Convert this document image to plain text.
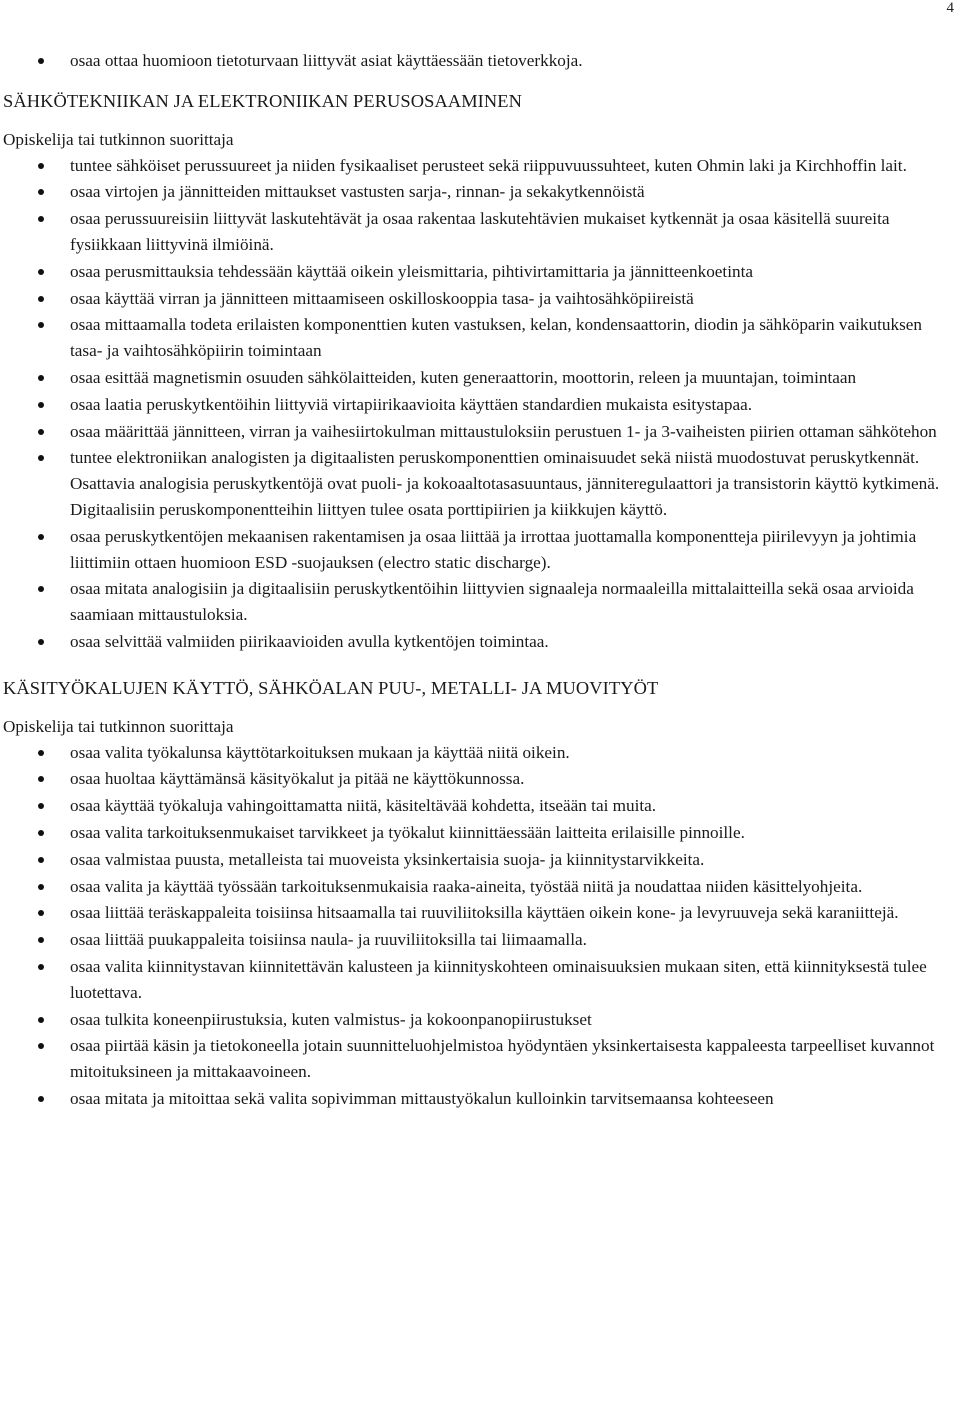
4
osaa ottaa huomioon tietoturvaan liittyvät asiat käyttäessään tietoverkkoja.
SÄHKÖTEKNIIKAN JA ELEKTRONIIKAN PERUSOSAAMINEN
Opiskelija tai tutkinnon suorittaja
tuntee sähköiset perussuureet ja niiden fysikaaliset perusteet sekä riippuvuussuhteet, kuten Ohmin laki ja Kirchhoffin lait.
osaa virtojen ja jännitteiden mittaukset vastusten sarja-, rinnan- ja sekakytkennöistä
osaa perussuureisiin liittyvät laskutehtävät ja osaa rakentaa laskutehtävien mukaiset kytkennät ja osaa käsitellä suureita fysiikkaan liittyvinä ilmiöinä.
osaa perusmittauksia tehdessään käyttää oikein yleismittaria, pihtivirtamittaria ja jännitteenkoetinta
osaa käyttää virran ja jännitteen mittaamiseen oskilloskooppia tasa- ja vaihtosähköpiireistä
osaa mittaamalla todeta erilaisten komponenttien kuten vastuksen, kelan, kondensaattorin, diodin ja sähköparin vaikutuksen tasa- ja vaihtosähköpiirin toimintaan
osaa esittää magnetismin osuuden sähkölaitteiden, kuten generaattorin, moottorin, releen ja muuntajan, toimintaan
osaa laatia peruskytkentöihin liittyviä virtapiirikaavioita käyttäen standardien mukaista esitystapaa.
osaa määrittää jännitteen, virran ja vaihesiirtokulman mittaustuloksiin perustuen 1- ja 3-vaiheisten piirien ottaman sähkötehon
tuntee elektroniikan analogisten ja digitaalisten peruskomponenttien ominaisuudet sekä niistä muodostuvat peruskytkennät. Osattavia analogisia peruskytkentöjä ovat puoli- ja kokoaaltotasasuuntaus, jänniteregulaattori ja transistorin käyttö kytkimenä. Digitaalisiin peruskomponentteihin liittyen tulee osata porttipiirien ja kiikkujen käyttö.
osaa peruskytkentöjen mekaanisen rakentamisen ja osaa liittää ja irrottaa juottamalla komponentteja piirilevyyn ja johtimia liittimiin ottaen huomioon ESD -suojauksen (electro static discharge).
osaa mitata analogisiin ja digitaalisiin peruskytkentöihin liittyvien signaaleja normaaleilla mittalaitteilla sekä osaa arvioida saamiaan mittaustuloksia.
osaa selvittää valmiiden piirikaavioiden avulla kytkentöjen toimintaa.
KÄSITYÖKALUJEN KÄYTTÖ, SÄHKÖALAN PUU-, METALLI- JA MUOVITYÖT
Opiskelija tai tutkinnon suorittaja
osaa valita työkalunsa käyttötarkoituksen mukaan ja käyttää niitä oikein.
osaa huoltaa käyttämänsä käsityökalut ja pitää ne käyttökunnossa.
osaa käyttää työkaluja vahingoittamatta niitä, käsiteltävää kohdetta, itseään tai muita.
osaa valita tarkoituksenmukaiset tarvikkeet ja työkalut kiinnittäessään laitteita erilaisille pinnoille.
osaa valmistaa puusta, metalleista tai muoveista yksinkertaisia suoja- ja kiinnitystarvikkeita.
osaa valita ja käyttää työssään tarkoituksenmukaisia raaka-aineita, työstää niitä ja noudattaa niiden käsittelyohjeita.
osaa liittää teräskappaleita toisiinsa hitsaamalla tai ruuviliitoksilla käyttäen oikein kone- ja levyruuveja sekä karaniittejä.
osaa liittää puukappaleita toisiinsa naula- ja ruuviliitoksilla tai liimaamalla.
osaa valita kiinnitystavan kiinnitettävän kalusteen ja kiinnityskohteen ominaisuuksien mukaan siten, että kiinnityksestä tulee luotettava.
osaa tulkita koneenpiirustuksia, kuten valmistus- ja kokoonpanopiirustukset
osaa piirtää käsin ja tietokoneella jotain suunnitteluohjelmistoa hyödyntäen yksinkertaisesta kappaleesta tarpeelliset kuvannot mitoituksineen ja mittakaavoineen.
osaa mitata ja mitoittaa sekä valita sopivimman mittaustyökalun kulloinkin tarvitsemaansa kohteeseen
